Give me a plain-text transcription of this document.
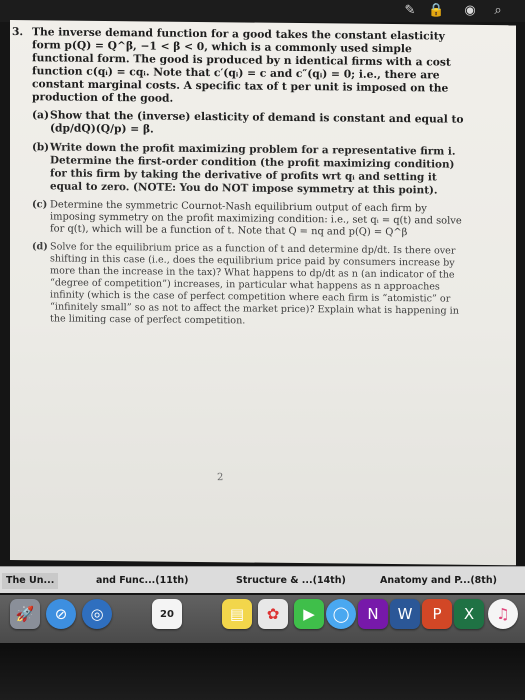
✎ 🔒 ◉	⌕
3. The inverse demand function for a good takes the constant elasticity form p(Q) = Q^β, −1 < β < 0, which is a commonly used simple functional form. The good is produced by n identical firms with a cost function c(qᵢ) = cqᵢ. Note that c′(qᵢ) = c and c″(qᵢ) = 0; i.e., there are constant marginal costs. A specific tax of t per unit is imposed on the production of the good.

(a) Show that the (inverse) elasticity of demand is constant and equal to (dp/dQ)(Q/p) = β.

(b) Write down the profit maximizing problem for a representative firm i. Determine the first-order condition (the profit maximizing condition) for this firm by taking the derivative of profits wrt qᵢ and setting it equal to zero. (NOTE: You do NOT impose symmetry at this point).

(c) Determine the symmetric Cournot-Nash equilibrium output of each firm by imposing symmetry on the profit maximizing condition: i.e., set qᵢ = q(t) and solve for q(t), which will be a function of t. Note that Q = nq and p(Q) = Q^β

(d) Solve for the equilibrium price as a function of t and determine dp/dt. Is there over shifting in this case (i.e., does the equilibrium price paid by consumers increase by more than the increase in the tax)? What happens to dp/dt as n (an indicator of the “degree of competition”) increases, in particular what happens as n approaches infinity (which is the case of perfect competition where each firm is “atomistic” or “infinitely small” so as not to affect the market price)? Explain what is happening in the limiting case of perfect competition.

2
The Un...	and Func...(11th)	Structure & ...(14th)	Anatomy and P...(8th)
🚀	⊘	◎	20	▤	✿	▶	◯	N	W	P	X	♫
